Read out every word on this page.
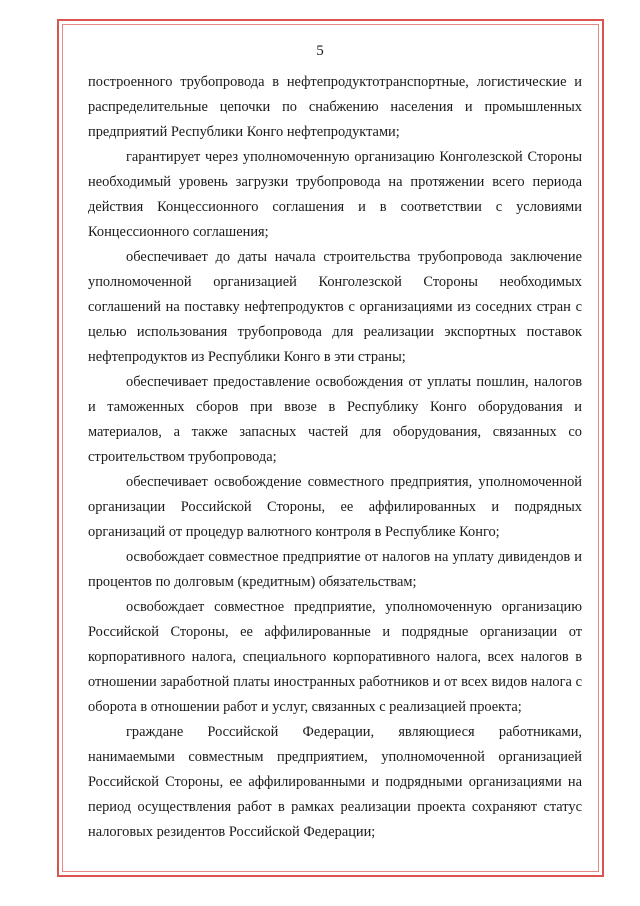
5

построенного трубопровода в нефтепродуктотранспортные, логистические и распределительные цепочки по снабжению населения и промышленных предприятий Республики Конго нефтепродуктами;

гарантирует через уполномоченную организацию Конголезской Стороны необходимый уровень загрузки трубопровода на протяжении всего периода действия Концессионного соглашения и в соответствии с условиями Концессионного соглашения;

обеспечивает до даты начала строительства трубопровода заключение уполномоченной организацией Конголезской Стороны необходимых соглашений на поставку нефтепродуктов с организациями из соседних стран с целью использования трубопровода для реализации экспортных поставок нефтепродуктов из Республики Конго в эти страны;

обеспечивает предоставление освобождения от уплаты пошлин, налогов и таможенных сборов при ввозе в Республику Конго оборудования и материалов, а также запасных частей для оборудования, связанных со строительством трубопровода;

обеспечивает освобождение совместного предприятия, уполномоченной организации Российской Стороны, ее аффилированных и подрядных организаций от процедур валютного контроля в Республике Конго;

освобождает совместное предприятие от налогов на уплату дивидендов и процентов по долговым (кредитным) обязательствам;

освобождает совместное предприятие, уполномоченную организацию Российской Стороны, ее аффилированные и подрядные организации от корпоративного налога, специального корпоративного налога, всех налогов в отношении заработной платы иностранных работников и от всех видов налога с оборота в отношении работ и услуг, связанных с реализацией проекта;

граждане Российской Федерации, являющиеся работниками, нанимаемыми совместным предприятием, уполномоченной организацией Российской Стороны, ее аффилированными и подрядными организациями на период осуществления работ в рамках реализации проекта сохраняют статус налоговых резидентов Российской Федерации;
